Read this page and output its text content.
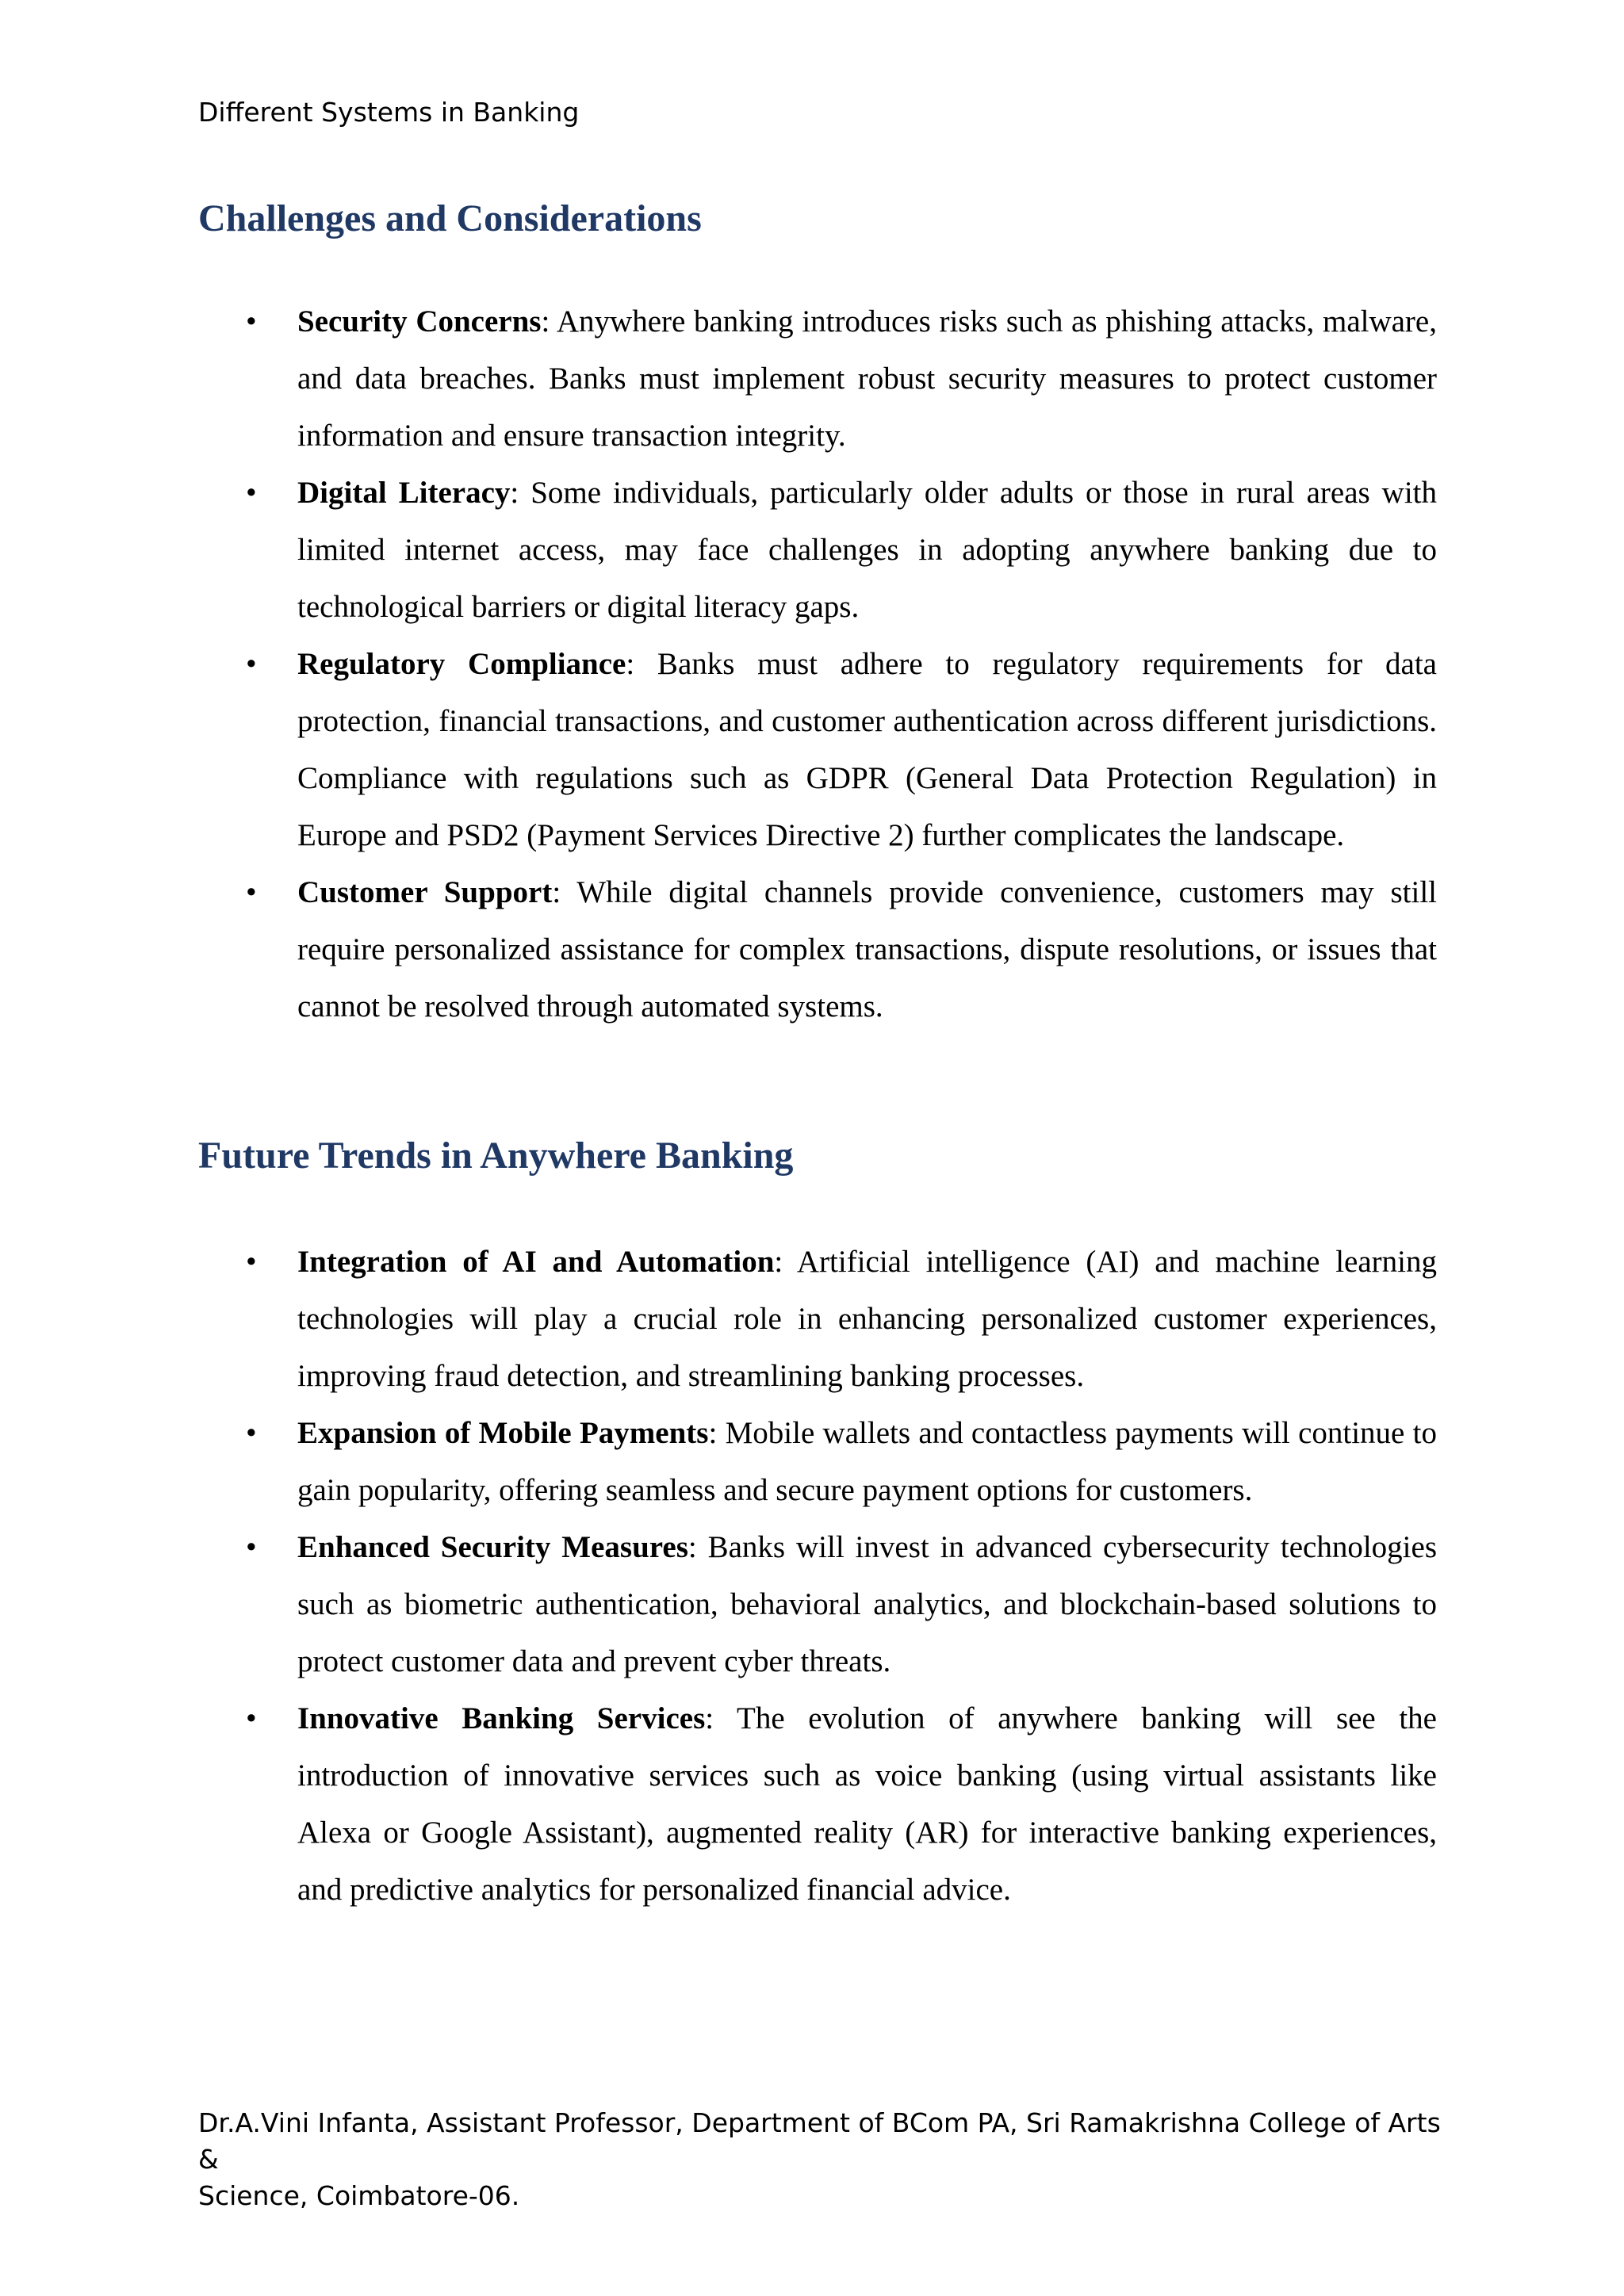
Different Systems in Banking
Challenges and Considerations
• Security Concerns: Anywhere banking introduces risks such as phishing attacks, malware, and data breaches. Banks must implement robust security measures to protect customer information and ensure transaction integrity.
• Digital Literacy: Some individuals, particularly older adults or those in rural areas with limited internet access, may face challenges in adopting anywhere banking due to technological barriers or digital literacy gaps.
• Regulatory Compliance: Banks must adhere to regulatory requirements for data protection, financial transactions, and customer authentication across different jurisdictions. Compliance with regulations such as GDPR (General Data Protection Regulation) in Europe and PSD2 (Payment Services Directive 2) further complicates the landscape.
• Customer Support: While digital channels provide convenience, customers may still require personalized assistance for complex transactions, dispute resolutions, or issues that cannot be resolved through automated systems.
Future Trends in Anywhere Banking
• Integration of AI and Automation: Artificial intelligence (AI) and machine learning technologies will play a crucial role in enhancing personalized customer experiences, improving fraud detection, and streamlining banking processes.
• Expansion of Mobile Payments: Mobile wallets and contactless payments will continue to gain popularity, offering seamless and secure payment options for customers.
• Enhanced Security Measures: Banks will invest in advanced cybersecurity technologies such as biometric authentication, behavioral analytics, and blockchain-based solutions to protect customer data and prevent cyber threats.
• Innovative Banking Services: The evolution of anywhere banking will see the introduction of innovative services such as voice banking (using virtual assistants like Alexa or Google Assistant), augmented reality (AR) for interactive banking experiences, and predictive analytics for personalized financial advice.
Dr.A.Vini Infanta, Assistant Professor, Department of BCom PA, Sri Ramakrishna College of Arts &
Science, Coimbatore-06.
